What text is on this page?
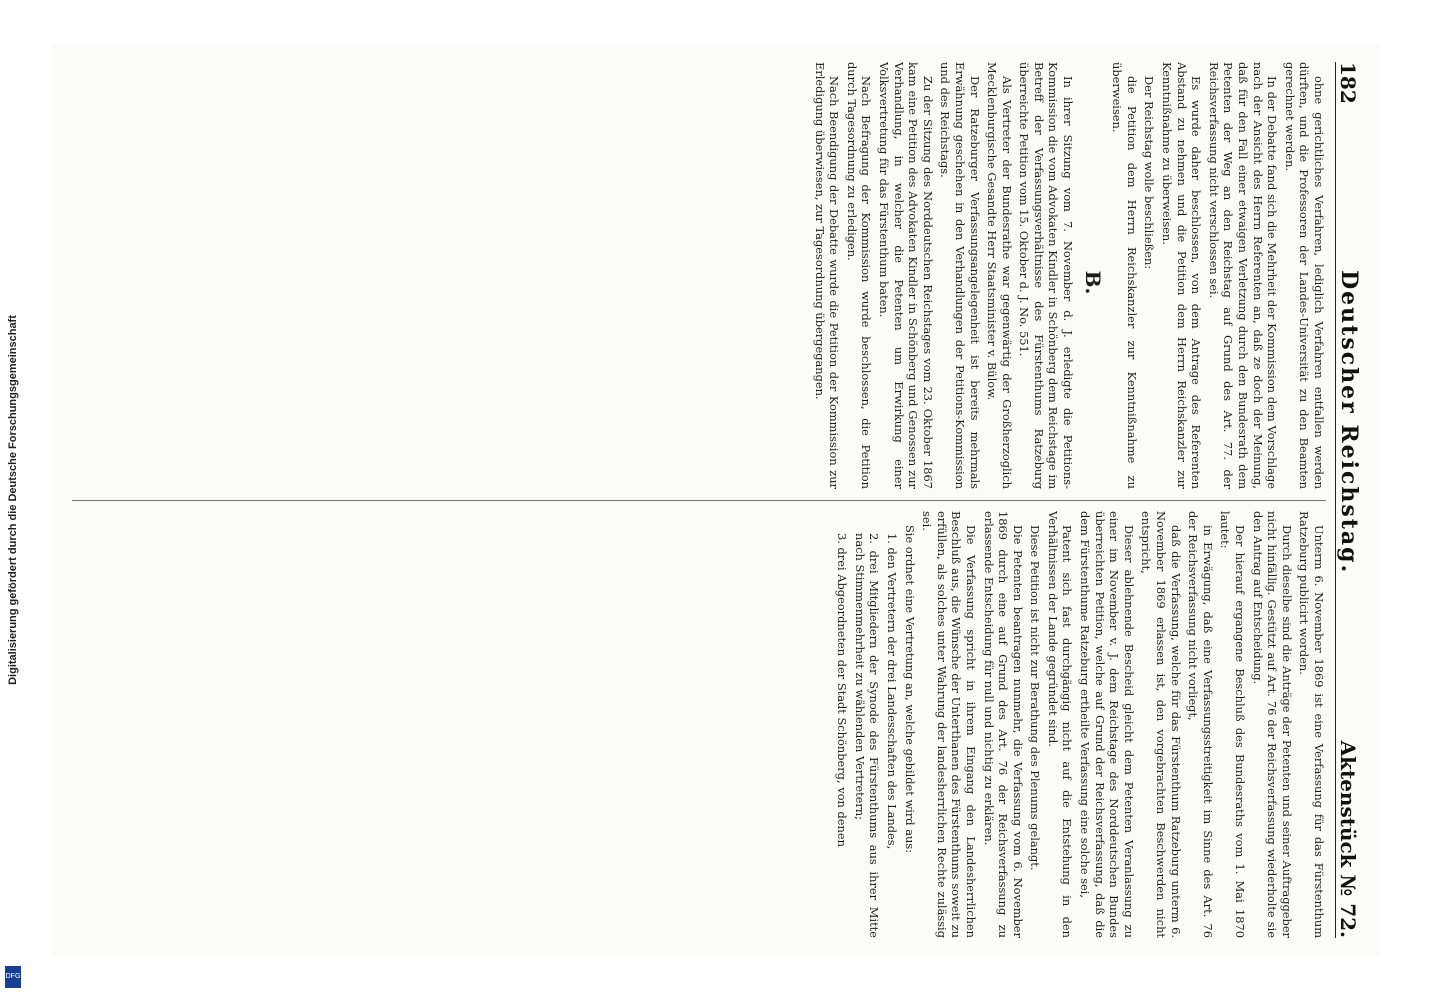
Digitalisierung gefördert durch die Deutsche Forschungsgemeinschaft
DFG
182
Deutscher Reichstag.
Aktenstück № 72.

ohne gerichtliches Verfahren, lediglich Verfahren entfallen werden dürften, und die Professoren der Landes-Universität zu den Beamten gerechnet werden.

In der Debatte fand sich die Mehrheit der Kommission dem Vorschlage nach der Ansicht des Herrn Referenten an, daß ze doch der Meinung, daß für den Fall einer etwaigen Verletzung durch den Bundesrath dem Petenten der Weg an den Reichstag auf Grund des Art. 77. der Reichsverfassung nicht verschlossen sei.

Es wurde daher beschlossen, von dem Antrage des Referenten Abstand zu nehmen und die Petition dem Herrn Reichskanzler zur Kenntnißnahme zu überweisen.

Der Reichstag wolle beschließen:

die Petition dem Herrn Reichskanzler zur Kenntnißnahme zu überweisen.

B.

In ihrer Sitzung vom 7. November d. J. erledigte die Petitions-Kommission die vom Advokaten Kindler in Schönberg dem Reichstage im Betreff der Verfassungsverhältnisse des Fürstenthums Ratzeburg überreichte Petition vom 15. Oktober d. J. No. 551.

Als Vertreter der Bundesrathe war gegenwärtig der Großherzoglich Mecklenburgische Gesandte Herr Staatsminister v. Bülow.

Der Ratzeburger Verfassungsangelegenheit ist bereits mehrmals Erwähnung geschehen in den Verhandlungen der Petitions-Kommission und des Reichstags.

Zu der Sitzung des Norddeutschen Reichstages vom 23. Oktober 1867 kam eine Petition des Advokaten Kindler in Schönberg und Genossen zur Verhandlung, in welcher die Petenten um Erwirkung einer Volksvertretung für das Fürstenthum baten.

Nach Befragung der Kommission wurde beschlossen, die Petition durch Tagesordnung zu erledigen.

Nach Beendigung der Debatte wurde die Petition der Kommission zur Erledigung überwiesen, zur Tagesordnung übergegangen.

Unterm 6. November 1869 ist eine Verfassung für das Fürstenthum Ratzeburg publicirt worden.

Durch dieselbe sind die Anträge der Petenten und seiner Auftraggeber nicht hinfällig. Gestützt auf Art. 76 der Reichsverfassung wiederholte sie den Antrag auf Entscheidung.

Der hierauf ergangene Beschluß des Bundesraths vom 1. Mai 1870 lautet:

in Erwägung, daß eine Verfassungsstreitigkeit im Sinne des Art. 76 der Reichsverfassung nicht vorliegt,

daß die Verfassung, welche für das Fürstenthum Ratzeburg unterm 6. November 1869 erlassen ist, den vorgebrachten Beschwerden nicht entspricht,

Dieser ablehnende Bescheid gleicht dem Petenten Veranlassung zu einer im November v. J. dem Reichstage des Norddeutschen Bundes überreichten Petition, welche auf Grund der Reichsverfassung, daß die dem Fürstenthume Ratzeburg ertheilte Verfassung eine solche sei,

Patent sich fast durchgängig nicht auf die Entstehung in den Verhältnissen der Lande gegründet sind.

Diese Petition ist nicht zur Berathung des Plenums gelangt.

Die Petenten beantragen nunmehr, die Verfassung vom 6. November 1869 durch eine auf Grund des Art. 76 der Reichsverfassung zu erlassende Entscheidung für null und nichtig zu erklären.

Die Verfassung spricht in ihrem Eingang den Landesherrlichen Beschluß aus, die Wünsche der Unterthanen des Fürstenthums soweit zu erfüllen, als solches unter Wahrung der landesherrlichen Rechte zulässig sei.

Sie ordnet eine Vertretung an, welche gebildet wird aus:

1. den Vertretern der drei Landesschaften des Landes,

2. drei Mitgliedern der Synode des Fürstenthums aus ihrer Mitte nach Stimmenmehrheit zu wählenden Vertretern;

3. drei Abgeordneten der Stadt Schönberg, von denen
